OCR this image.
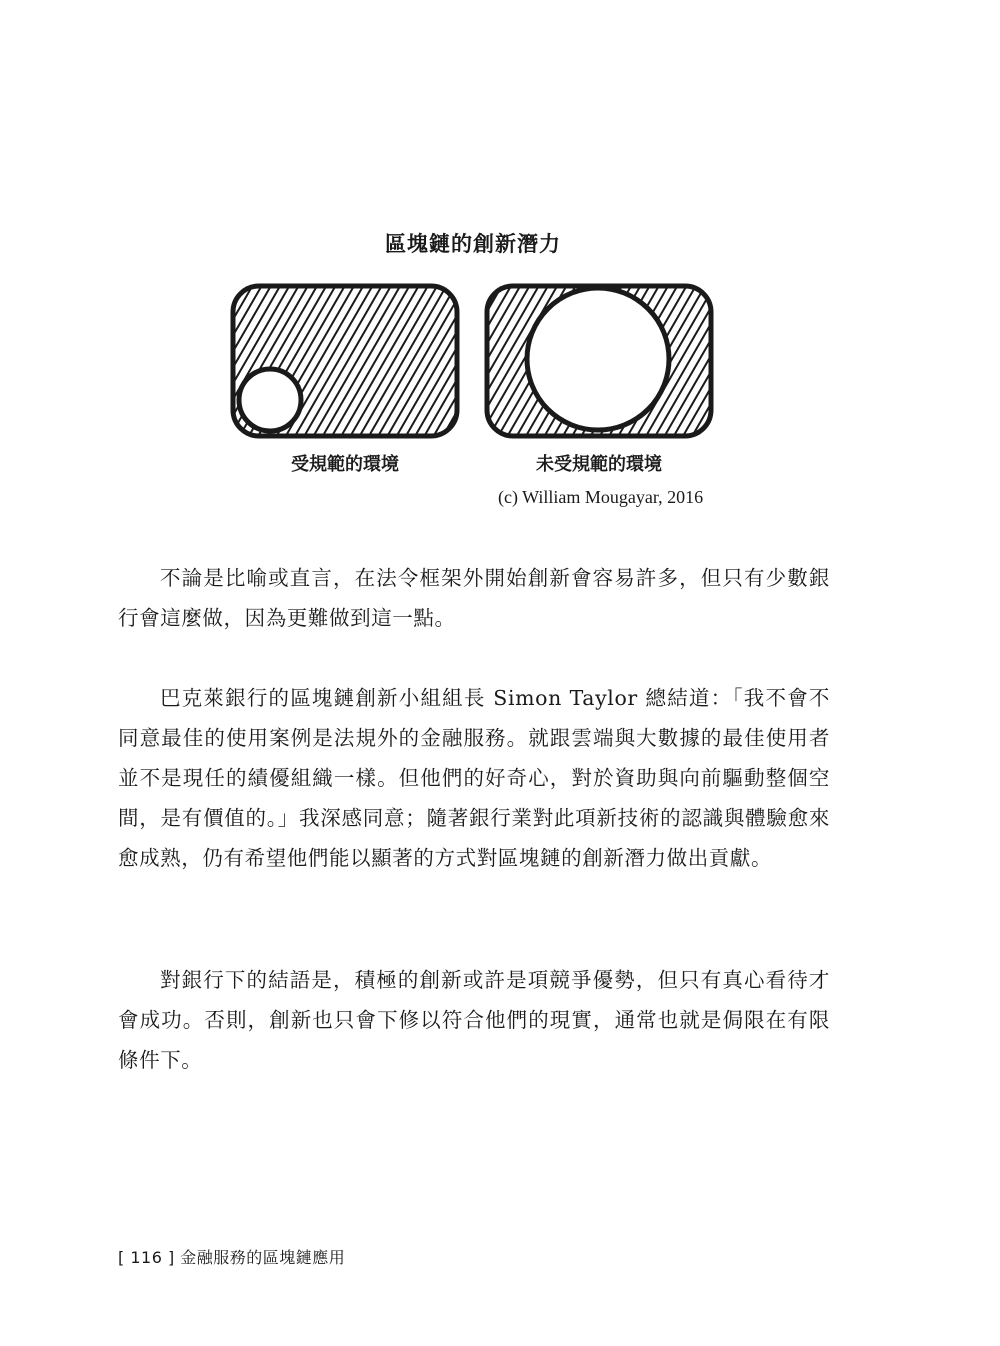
區塊鏈的創新潛力
受規範的環境	未受規範的環境
(c) William Mougayar, 2016

不論是比喻或直言，在法令框架外開始創新會容易許多，但只有少數銀行會這麼做，因為更難做到這一點。

巴克萊銀行的區塊鏈創新小組組長 Simon Taylor 總結道：「我不會不同意最佳的使用案例是法規外的金融服務。就跟雲端與大數據的最佳使用者並不是現任的績優組織一樣。但他們的好奇心，對於資助與向前驅動整個空間，是有價值的。」我深感同意；隨著銀行業對此項新技術的認識與體驗愈來愈成熟，仍有希望他們能以顯著的方式對區塊鏈的創新潛力做出貢獻。

對銀行下的結語是，積極的創新或許是項競爭優勢，但只有真心看待才會成功。否則，創新也只會下修以符合他們的現實，通常也就是侷限在有限條件下。

[ 116 ] 金融服務的區塊鏈應用
